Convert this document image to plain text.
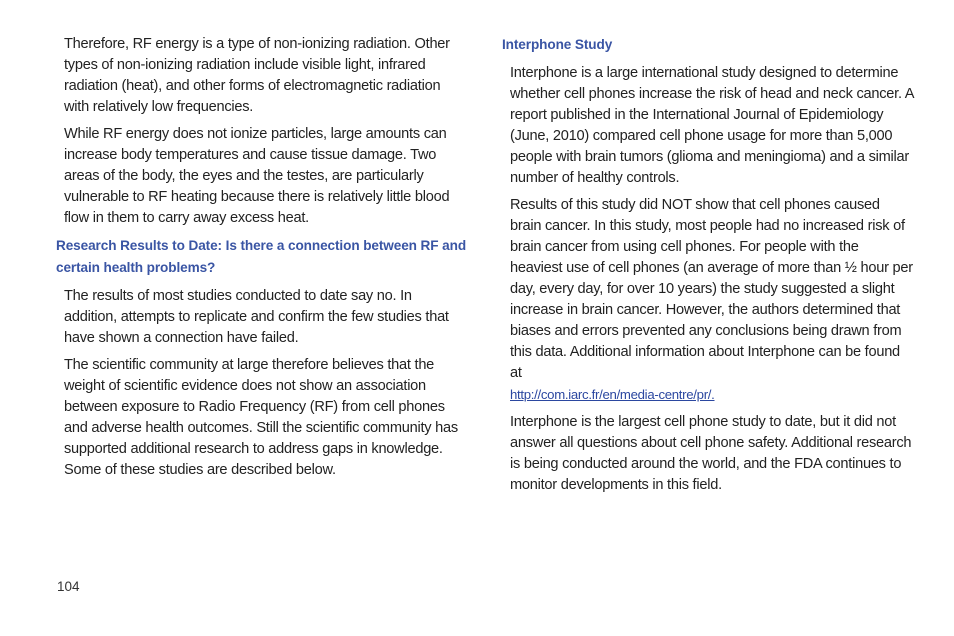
Therefore, RF energy is a type of non-ionizing radiation. Other types of non-ionizing radiation include visible light, infrared radiation (heat), and other forms of electromagnetic radiation with relatively low frequencies.

While RF energy does not ionize particles, large amounts can increase body temperatures and cause tissue damage. Two areas of the body, the eyes and the testes, are particularly vulnerable to RF heating because there is relatively little blood flow in them to carry away excess heat.

Research Results to Date: Is there a connection between RF and certain health problems?

The results of most studies conducted to date say no. In addition, attempts to replicate and confirm the few studies that have shown a connection have failed.

The scientific community at large therefore believes that the weight of scientific evidence does not show an association between exposure to Radio Frequency (RF) from cell phones and adverse health outcomes. Still the scientific community has supported additional research to address gaps in knowledge. Some of these studies are described below.

Interphone Study

Interphone is a large international study designed to determine whether cell phones increase the risk of head and neck cancer. A report published in the International Journal of Epidemiology (June, 2010) compared cell phone usage for more than 5,000 people with brain tumors (glioma and meningioma) and a similar number of healthy controls.

Results of this study did NOT show that cell phones caused brain cancer. In this study, most people had no increased risk of brain cancer from using cell phones. For people with the heaviest use of cell phones (an average of more than ½ hour per day, every day, for over 10 years) the study suggested a slight increase in brain cancer. However, the authors determined that biases and errors prevented any conclusions being drawn from this data. Additional information about Interphone can be found at
http://com.iarc.fr/en/media-centre/pr/.

Interphone is the largest cell phone study to date, but it did not answer all questions about cell phone safety. Additional research is being conducted around the world, and the FDA continues to monitor developments in this field.

104
